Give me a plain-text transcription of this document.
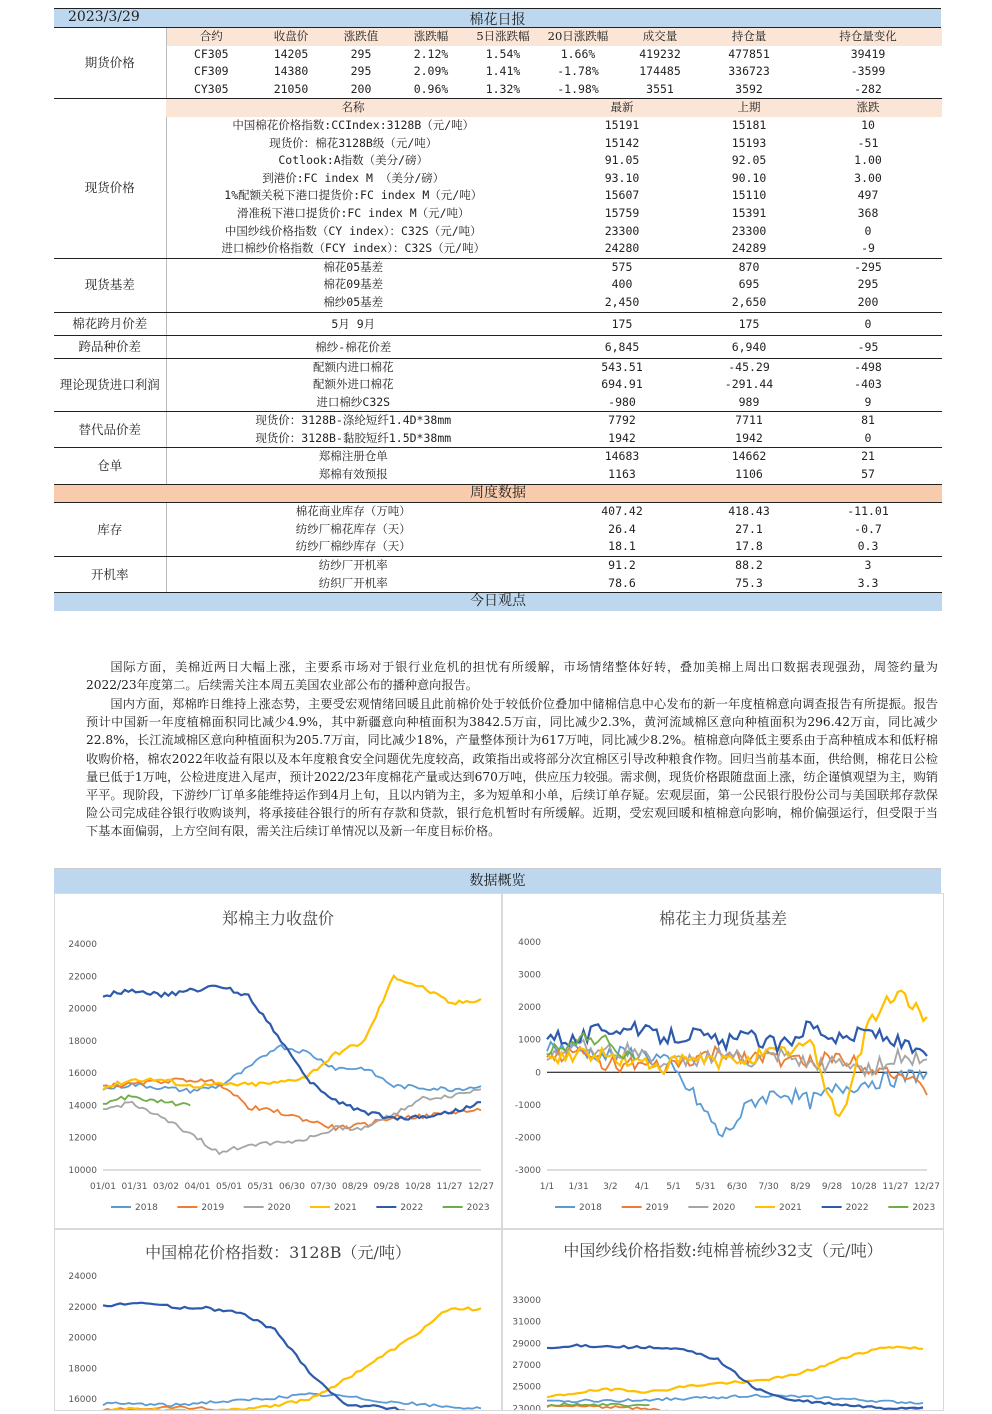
2023/3/29	棉花日报
期货价格	合约	收盘价	涨跌值	涨跌幅	5日涨跌幅	20日涨跌幅	成交量	持仓量	持仓量变化
	CF305	14205	295	2.12%	1.54%	1.66%	419232	477851	39419
	CF309	14380	295	2.09%	1.41%	-1.78%	174485	336723	-3599
	CY305	21050	200	0.96%	1.32%	-1.98%	3551	3592	-282
	名称					最新		上期	涨跌
现货价格	中国棉花价格指数:CCIndex:3128B（元/吨）					15191		15181	10
	现货价：棉花3128B级（元/吨）					15142		15193	-51
	Cotlook:A指数（美分/磅）					91.05		92.05	1.00
	到港价:FC index M （美分/磅）					93.10		90.10	3.00
	1%配额关税下港口提货价:FC index M（元/吨）					15607		15110	497
	滑准税下港口提货价:FC index M（元/吨）					15759		15391	368
	中国纱线价格指数（CY index）：C32S（元/吨）					23300		23300	0
	进口棉纱价格指数（FCY index）：C32S（元/吨）					24280		24289	-9
现货基差	棉花05基差					575		870	-295
	棉花09基差					400		695	295
	棉纱05基差					2,450		2,650	200
棉花跨月价差	5月 9月					175		175	0
跨品种价差	棉纱-棉花价差					6,845		6,940	-95
理论现货进口利润	配额内进口棉花					543.51		-45.29	-498
	配额外进口棉花					694.91		-291.44	-403
	进口棉纱C32S					-980		989	9
替代品价差	现货价：3128B-涤纶短纤1.4D*38mm					7792		7711	81
	现货价：3128B-黏胶短纤1.5D*38mm					1942		1942	0
仓单	郑棉注册仓单					14683		14662	21
	郑棉有效预报					1163		1106	57
周度数据									
库存	棉花商业库存（万吨）					407.42		418.43	-11.01
	纺纱厂棉花库存（天）					26.4		27.1	-0.7
	纺纱厂棉纱库存（天）					18.1		17.8	0.3
开机率	纺纱厂开机率					91.2		88.2	3
	纺织厂开机率					78.6		75.3	3.3
今日观点									
国际方面，美棉近两日大幅上涨，主要系市场对于银行业危机的担忧有所缓解，市场情绪整体好转，叠加美棉上周出口数据表现强劲，周签约量为2022/23年度第二。后续需关注本周五美国农业部公布的播种意向报告。
国内方面，郑棉昨日维持上涨态势，主要受宏观情绪回暖且此前棉价处于较低价位叠加中储棉信息中心发布的新一年度植棉意向调查报告有所提振。报告预计中国新一年度植棉面积同比减少4.9%，其中新疆意向种植面积为3842.5万亩，同比减少2.3%，黄河流域棉区意向种植面积为296.42万亩，同比减少22.8%，长江流域棉区意向种植面积为205.7万亩，同比减少18%，产量整体预计为617万吨，同比减少8.2%。植棉意向降低主要系由于高种植成本和低籽棉收购价格，棉农2022年收益有限以及本年度粮食安全问题优先度较高，政策指出或将部分次宜棉区引导改种粮食作物。回归当前基本面，供给侧，棉花日公检量已低于1万吨，公检进度进入尾声，预计2022/23年度棉花产量或达到670万吨，供应压力较强。需求侧，现货价格跟随盘面上涨，纺企谨慎观望为主，购销平平。现阶段，下游纱厂订单多能维持运作到4月上旬，且以内销为主，多为短单和小单，后续订单存疑。宏观层面，第一公民银行股份公司与美国联邦存款保险公司完成硅谷银行收购谈判，将承接硅谷银行的所有存款和贷款，银行危机暂时有所缓解。近期，受宏观回暖和植棉意向影响，棉价偏强运行，但受限于当下基本面偏弱，上方空间有限，需关注后续订单情况以及新一年度目标价格。
数据概览
郑棉主力收盘价
10000
12000
14000
16000
18000
20000
22000
24000
01/01 01/31 03/02 04/01 05/01 05/31 06/30 07/30 08/29 09/28 10/28 11/27 12/27
2018	2019	2020	2021	2022	2023
棉花主力现货基差
-3000
-2000
-1000
0
1000
2000
3000
4000
1/1 1/31 3/2 4/1 5/1 5/31 6/30 7/30 8/29 9/28 10/28 11/27 12/27
2018	2019	2020	2021	2022	2023
中国棉花价格指数：3128B（元/吨）
16000
18000
20000
22000
24000
中国纱线价格指数:纯棉普梳纱32支（元/吨）
23000
25000
27000
29000
31000
33000
